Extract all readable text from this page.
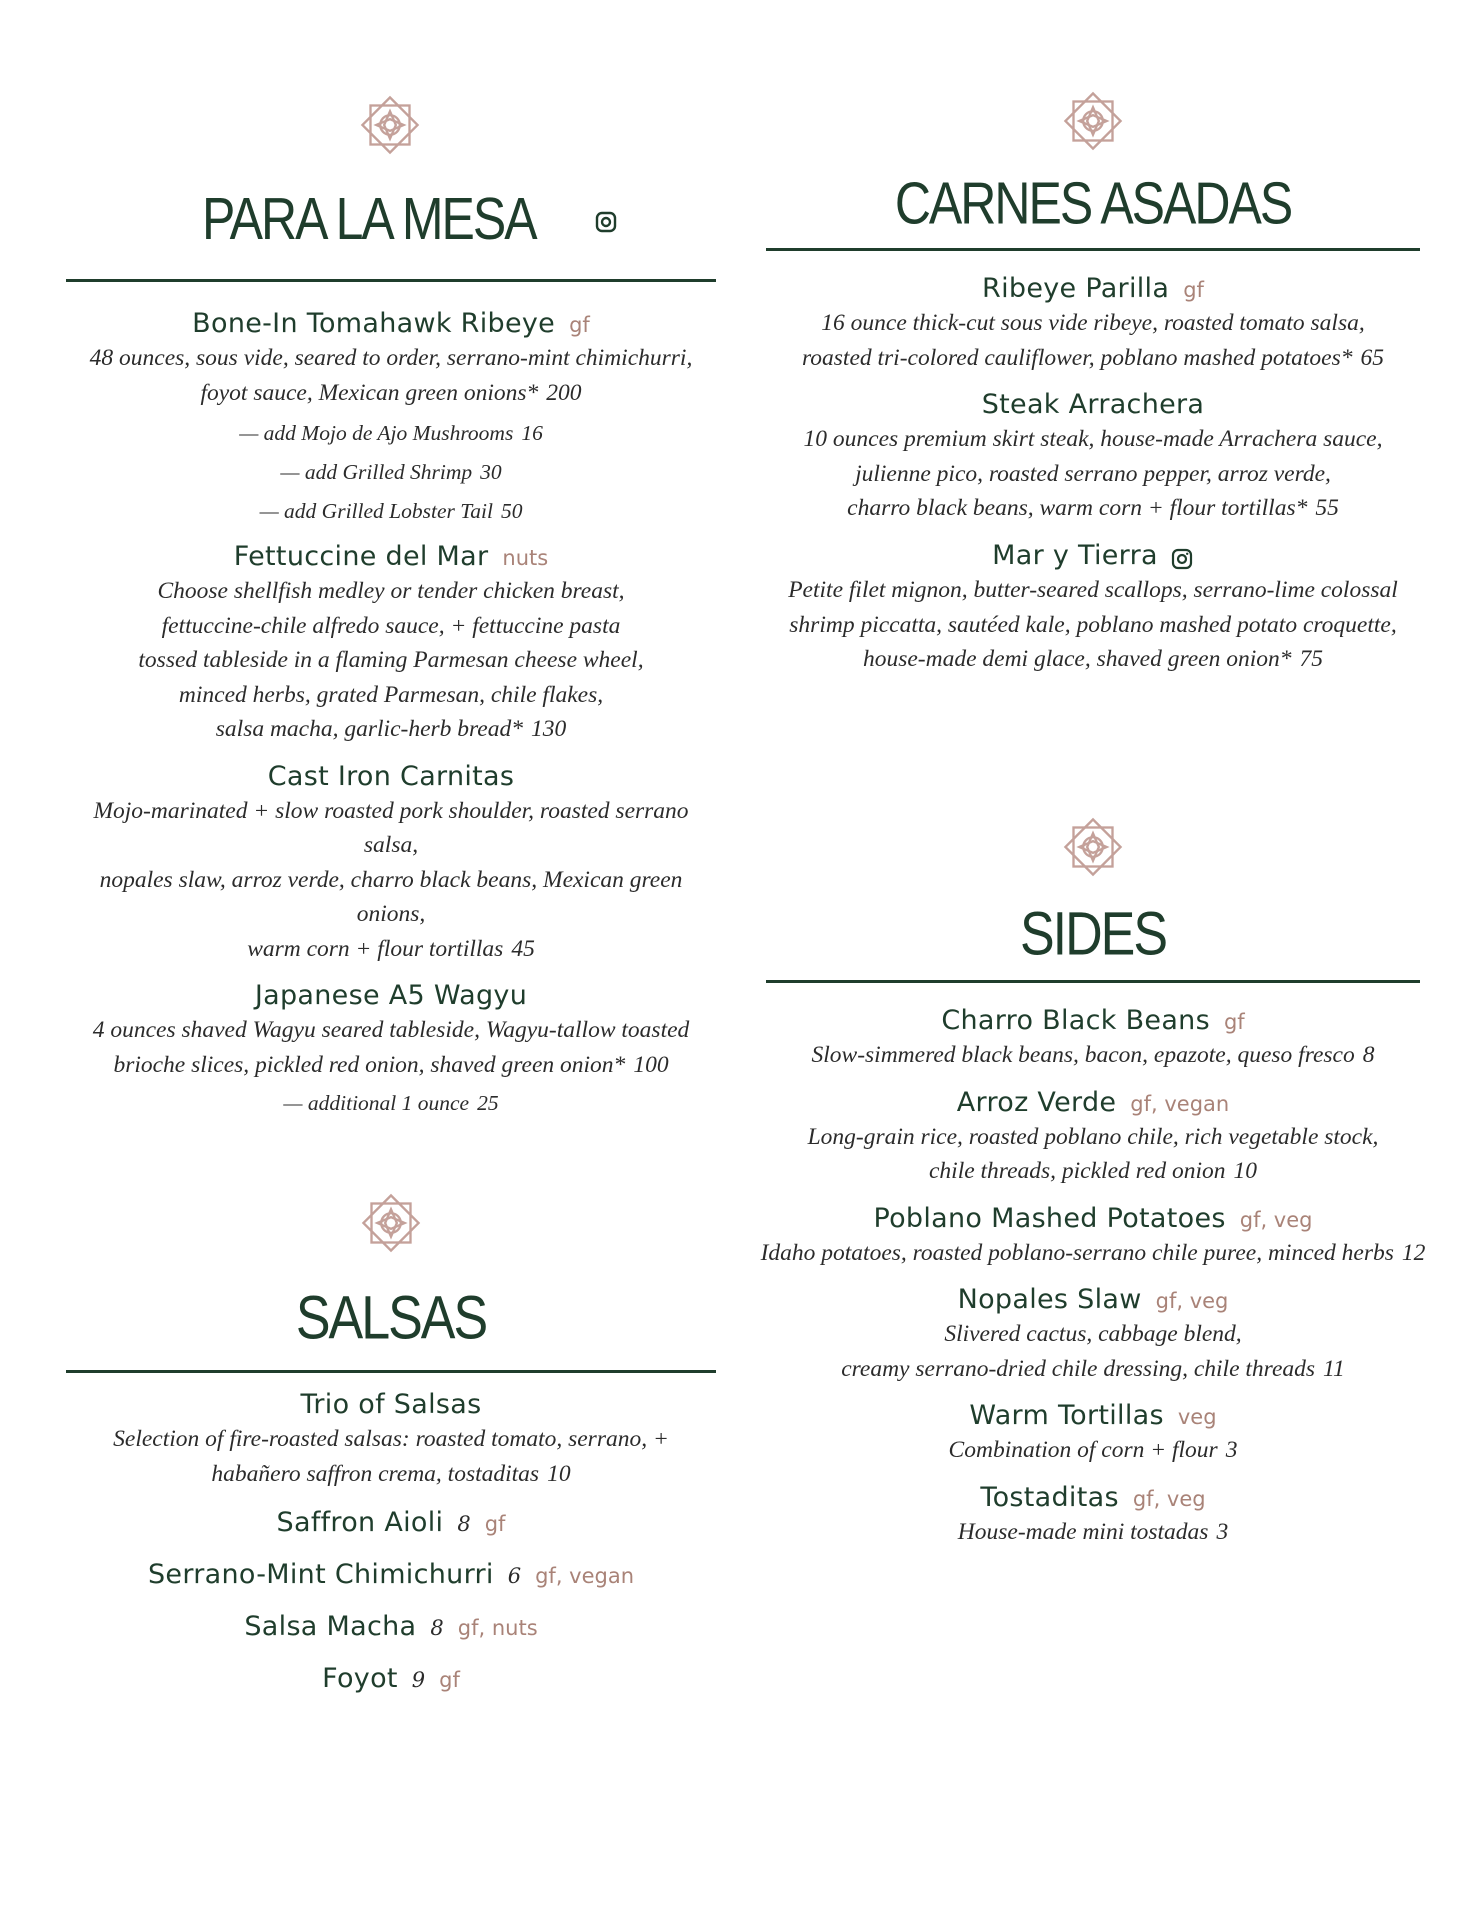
PARA LA MESA
Bone-In Tomahawk Ribeye gf

48 ounces, sous vide, seared to order, serrano-mint chimichurri,
foyot sauce, Mexican green onions* 200

— add Mojo de Ajo Mushrooms 16

— add Grilled Shrimp 30

— add Grilled Lobster Tail 50

Fettuccine del Mar nuts

Choose shellfish medley or tender chicken breast,
fettuccine-chile alfredo sauce, + fettuccine pasta
tossed tableside in a flaming Parmesan cheese wheel,
minced herbs, grated Parmesan, chile flakes,
salsa macha, garlic-herb bread* 130

Cast Iron Carnitas

Mojo-marinated + slow roasted pork shoulder, roasted serrano salsa,
nopales slaw, arroz verde, charro black beans, Mexican green onions,
warm corn + flour tortillas 45

Japanese A5 Wagyu

4 ounces shaved Wagyu seared tableside, Wagyu-tallow toasted
brioche slices, pickled red onion, shaved green onion* 100

— additional 1 ounce 25

SALSAS
Trio of Salsas

Selection of fire-roasted salsas: roasted tomato, serrano, +
habañero saffron crema, tostaditas 10

Saffron Aioli 8 gf
Serrano-Mint Chimichurri 6 gf, vegan
Salsa Macha 8 gf, nuts
Foyot 9 gf
CARNES ASADAS
Ribeye Parilla gf

16 ounce thick-cut sous vide ribeye, roasted tomato salsa,
roasted tri-colored cauliflower, poblano mashed potatoes* 65

Steak Arrachera

10 ounces premium skirt steak, house-made Arrachera sauce,
julienne pico, roasted serrano pepper, arroz verde,
charro black beans, warm corn + flour tortillas* 55

Mar y Tierra

Petite filet mignon, butter-seared scallops, serrano-lime colossal
shrimp piccatta, sautéed kale, poblano mashed potato croquette,
house-made demi glace, shaved green onion* 75

SIDES
Charro Black Beans gf

Slow-simmered black beans, bacon, epazote, queso fresco 8

Arroz Verde gf, vegan

Long-grain rice, roasted poblano chile, rich vegetable stock,
chile threads, pickled red onion 10

Poblano Mashed Potatoes gf, veg

Idaho potatoes, roasted poblano-serrano chile puree, minced herbs 12

Nopales Slaw gf, veg

Slivered cactus, cabbage blend,
creamy serrano-dried chile dressing, chile threads 11

Warm Tortillas veg

Combination of corn + flour 3

Tostaditas gf, veg

House-made mini tostadas 3
